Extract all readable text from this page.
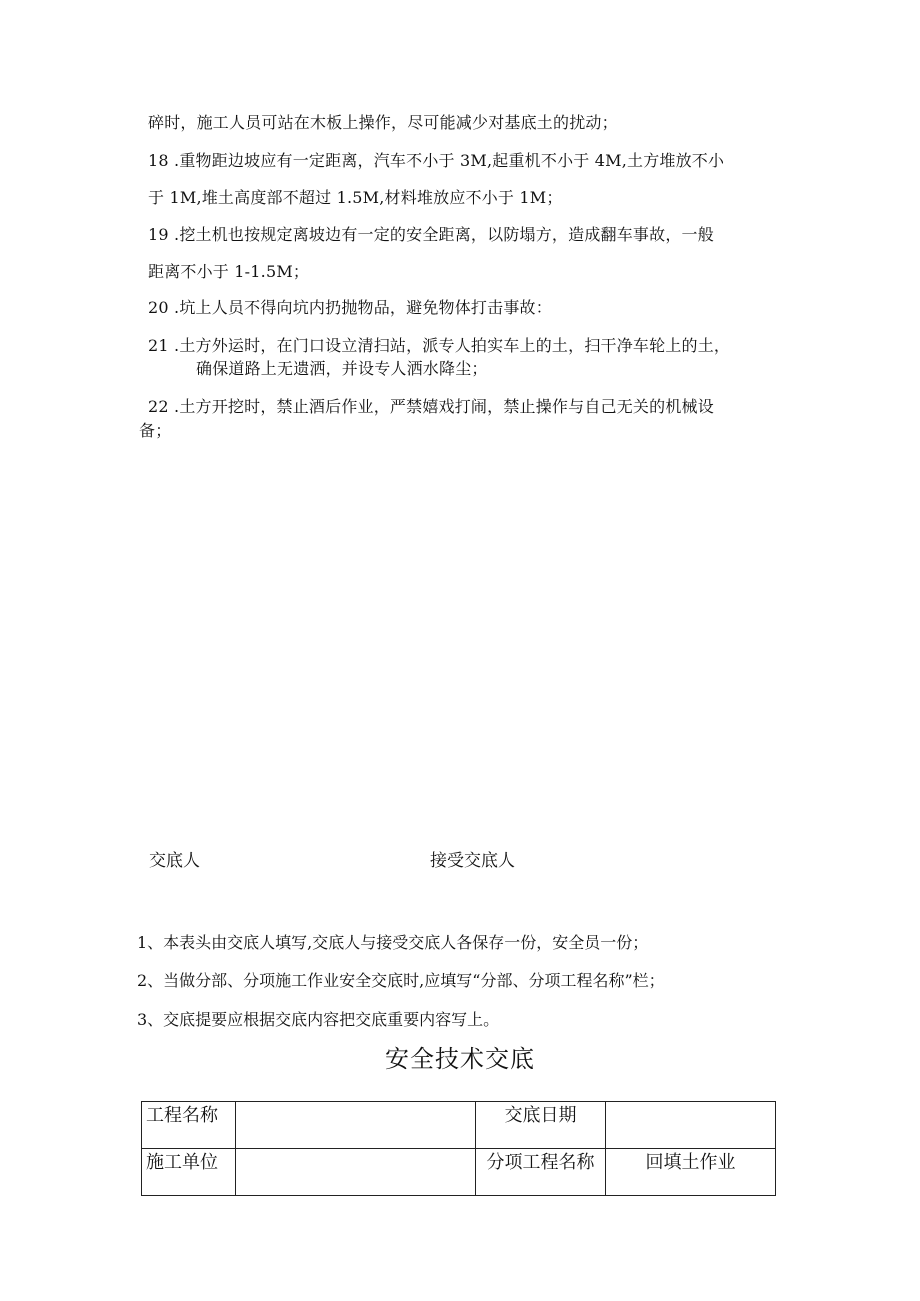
碎时，施工人员可站在木板上操作，尽可能减少对基底土的扰动；
18 .重物距边坡应有一定距离，汽车不小于 3M,起重机不小于 4M,土方堆放不小
于 1M,堆土高度部不超过 1.5M,材料堆放应不小于 1M；
19 .挖土机也按规定离坡边有一定的安全距离，以防塌方，造成翻车事故，一般
距离不小于 1-1.5M；
20 .坑上人员不得向坑内扔抛物品，避免物体打击事故：
21 .土方外运时，在门口设立清扫站，派专人拍实车上的土，扫干净车轮上的土，
确保道路上无遗洒，并设专人洒水降尘；
22 .土方开挖时，禁止酒后作业，严禁嬉戏打闹，禁止操作与自己无关的机械设
备；
交底人	接受交底人
1、本表头由交底人填写,交底人与接受交底人各保存一份，安全员一份；
2、当做分部、分项施工作业安全交底时,应填写“分部、分项工程名称”栏；
3、交底提要应根据交底内容把交底重要内容写上。
安全技术交底
工程名称		交底日期	
施工单位		分项工程名称	回填土作业
